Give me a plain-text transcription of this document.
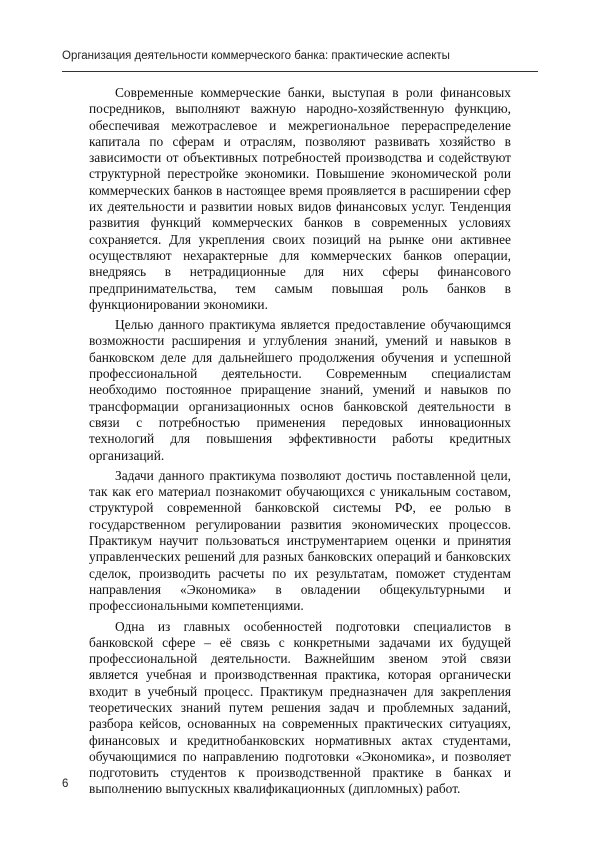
Организация деятельности коммерческого банка: практические аспекты

Современные коммерческие банки, выступая в роли финансовых посредников, выполняют важную народно-хозяйственную функцию, обеспечивая межотраслевое и межрегиональное перераспределение капитала по сферам и отраслям, позволяют развивать хозяйство в зависимости от объективных потребностей производства и содействуют структурной перестройке экономики. Повышение экономической роли коммерческих банков в настоящее время проявляется в расширении сфер их деятельности и развитии новых видов финансовых услуг. Тенденция развития функций коммерческих банков в современных условиях сохраняется. Для укрепления своих позиций на рынке они активнее осуществляют нехарактерные для коммерческих банков операции, внедряясь в нетрадиционные для них сферы финансового предпринимательства, тем самым повышая роль банков в функционировании экономики.

Целью данного практикума является предоставление обучающимся возможности расширения и углубления знаний, умений и навыков в банковском деле для дальнейшего продолжения обучения и успешной профессиональной деятельности. Современным специалистам необходимо постоянное приращение знаний, умений и навыков по трансформации организационных основ банковской деятельности в связи с потребностью применения передовых инновационных технологий для повышения эффективности работы кредитных организаций.

Задачи данного практикума позволяют достичь поставленной цели, так как его материал познакомит обучающихся с уникальным составом, структурой современной банковской системы РФ, ее ролью в государственном регулировании развития экономических процессов. Практикум научит пользоваться инструментарием оценки и принятия управленческих решений для разных банковских операций и банковских сделок, производить расчеты по их результатам, поможет студентам направления «Экономика» в овладении общекультурными и профессиональными компетенциями.

Одна из главных особенностей подготовки специалистов в банковской сфере – её связь с конкретными задачами их будущей профессиональной деятельности. Важнейшим звеном этой связи является учебная и производственная практика, которая органически входит в учебный процесс. Практикум предназначен для закрепления теоретических знаний путем решения задач и проблемных заданий, разбора кейсов, основанных на современных практических ситуациях, финансовых и кредитнобанковских нормативных актах студентами, обучающимися по направлению подготовки «Экономика», и позволяет подготовить студентов к производственной практике в банках и выполнению выпускных квалификационных (дипломных) работ.

6
